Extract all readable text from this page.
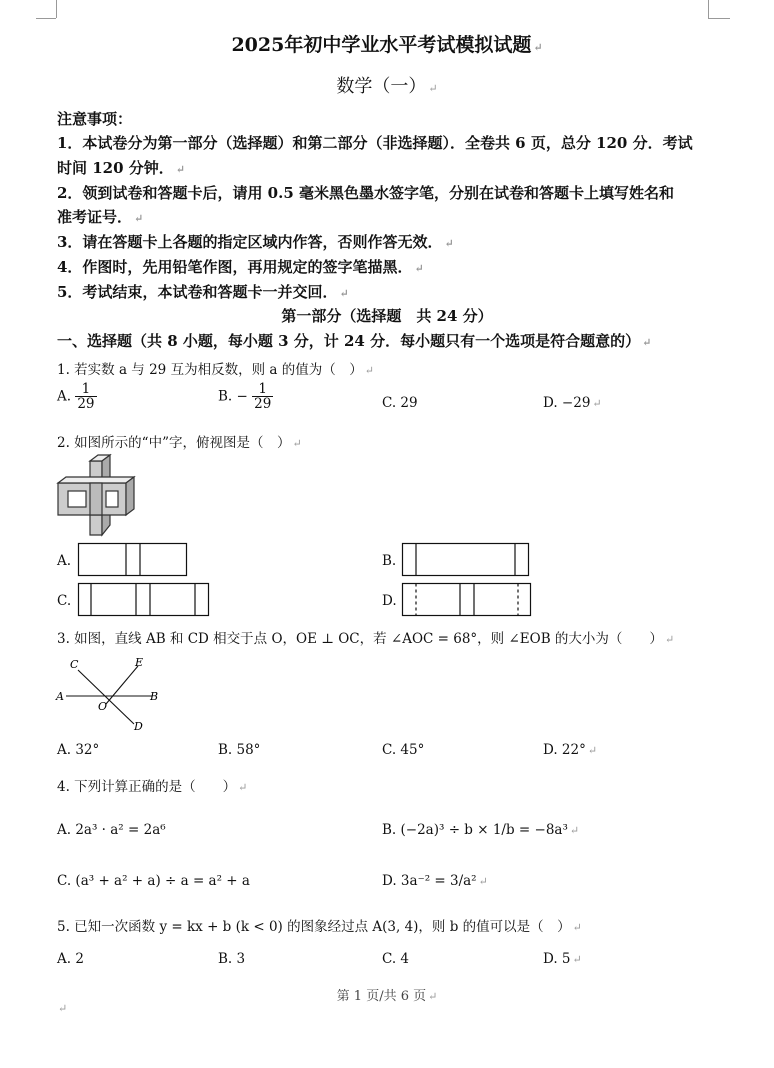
2025年初中学业水平考试模拟试题 ↵
数学（一） ↵
注意事项：
1．本试卷分为第一部分（选择题）和第二部分（非选择题）．全卷共 6 页，总分 120 分．考试
时间 120 分钟． ↵
2．领到试卷和答题卡后，请用 0.5 毫米黑色墨水签字笔，分别在试卷和答题卡上填写姓名和
准考证号． ↵
3．请在答题卡上各题的指定区域内作答，否则作答无效． ↵
4．作图时，先用铅笔作图，再用规定的签字笔描黑． ↵
5．考试结束，本试卷和答题卡一并交回． ↵
第一部分（选择题　共 24 分）
一、选择题（共 8 小题，每小题 3 分，计 24 分．每小题只有一个选项是符合题意的） ↵
1. 若实数 a 与 29 互为相反数，则 a 的值为（　） ↵
A. $\frac{1}{29}$	B. − $\frac{1}{29}$	C. 29	D. −29 ↵
2. 如图所示的“中”字，俯视图是（　） ↵
A.	B.
C.	D.
3. 如图，直线 AB 和 CD 相交于点 O，OE ⊥ OC，若 ∠AOC = 68°，则 ∠EOB 的大小为（　　） ↵
C	E
A
O
B
D
A. 32°	B. 58°	C. 45°	D. 22° ↵
4. 下列计算正确的是（　　） ↵
A. 2a³ · a² = 2a⁶	B. (−2a)³ ÷ b × 1/b = −8a³ ↵
C. (a³ + a² + a) ÷ a = a² + a	D. 3a⁻² = 3/a² ↵
5. 已知一次函数 y = kx + b (k < 0) 的图象经过点 A(3, 4)，则 b 的值可以是（　） ↵
A. 2	B. 3	C. 4	D. 5 ↵
第 1 页/共 6 页 ↵
↵
